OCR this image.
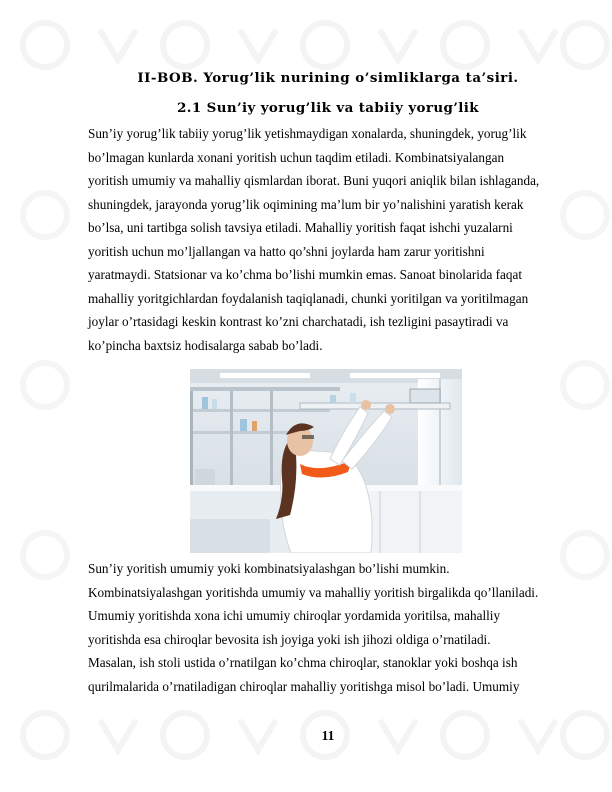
II-BOB. Yorug’lik nurining o’simliklarga ta’siri.
2.1 Sun’iy yorug’lik va tabiiy yorug’lik
Sun’iy yorug’lik tabiiy yorug’lik yetishmaydigan xonalarda, shuningdek, yorug’lik
bo’lmagan kunlarda xonani yoritish uchun taqdim etiladi. Kombinatsiyalangan
yoritish umumiy va mahalliy qismlardan iborat. Buni yuqori aniqlik bilan ishlaganda,
shuningdek, jarayonda yorug’lik oqimining ma’lum bir yo’nalishini yaratish kerak
bo’lsa, uni tartibga solish tavsiya etiladi. Mahalliy yoritish faqat ishchi yuzalarni
yoritish uchun mo’ljallangan va hatto qo’shni joylarda ham zarur yoritishni
yaratmaydi. Statsionar va ko’chma bo’lishi mumkin emas. Sanoat binolarida faqat
mahalliy yoritgichlardan foydalanish taqiqlanadi, chunki yoritilgan va yoritilmagan
joylar o’rtasidagi keskin kontrast ko’zni charchatadi, ish tezligini pasaytiradi va
ko’pincha baxtsiz hodisalarga sabab bo’ladi.
Sun’iy yoritish umumiy yoki kombinatsiyalashgan bo’lishi mumkin.
Kombinatsiyalashgan yoritishda umumiy va mahalliy yoritish birgalikda qo’llaniladi.
Umumiy yoritishda xona ichi umumiy chiroqlar yordamida yoritilsa, mahalliy
yoritishda esa chiroqlar bevosita ish joyiga yoki ish jihozi oldiga o’rnatiladi.
Masalan, ish stoli ustida o’rnatilgan ko’chma chiroqlar, stanoklar yoki boshqa ish
qurilmalarida o’rnatiladigan chiroqlar mahalliy yoritishga misol bo’ladi. Umumiy
11
